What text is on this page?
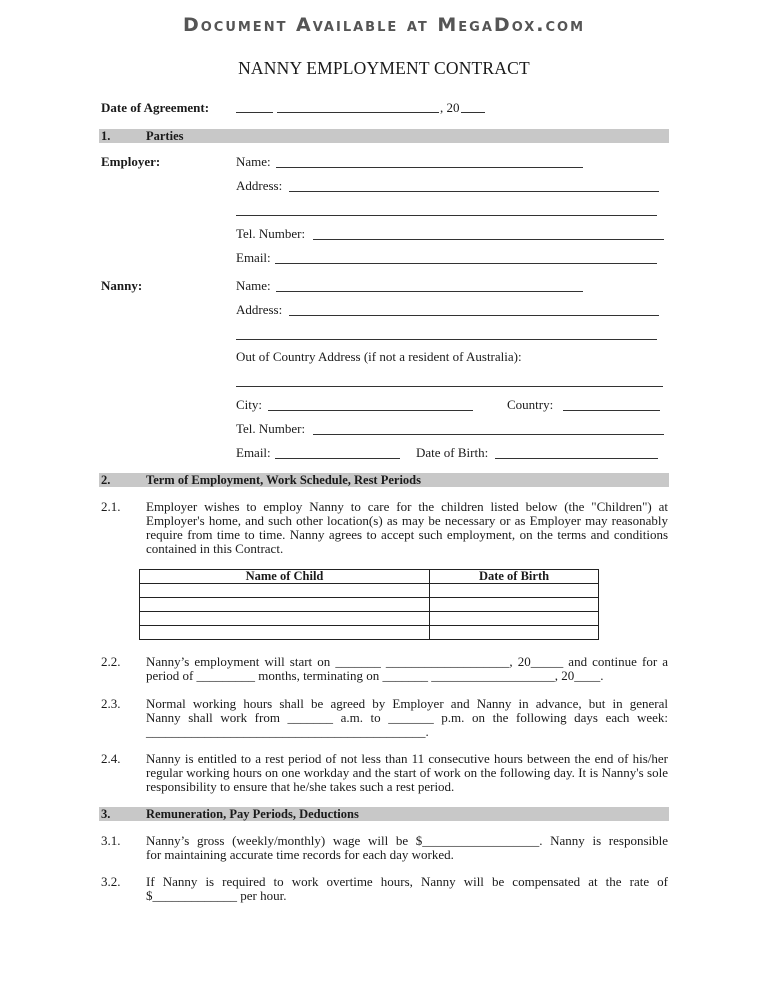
Document Available at MegaDox.com
NANNY EMPLOYMENT CONTRACT
Date of Agreement:	, 20
1.	Parties
Employer:	Name:
Address:
Tel. Number:
Email:
Nanny:	Name:
Address:
Out of Country Address (if not a resident of Australia):
City:	Country:
Tel. Number:
Email:	Date of Birth:
2.	Term of Employment, Work Schedule, Rest Periods
2.1. Employer wishes to employ Nanny to care for the children listed below (the "Children") at Employer's home, and such other location(s) as may be necessary or as Employer may reasonably require from time to time. Nanny agrees to accept such employment, on the terms and conditions contained in this Contract.
Name of Child	Date of Birth

2.2. Nanny’s employment will start on _______ ___________________, 20_____ and continue for a
period of _________ months, terminating on _______ ___________________, 20____.
2.3. Normal working hours shall be agreed by Employer and Nanny in advance, but in general
Nanny shall work from _______ a.m. to _______ p.m. on the following days each week:
___________________________________________.
2.4. Nanny is entitled to a rest period of not less than 11 consecutive hours between the end of his/her regular working hours on one workday and the start of work on the following day. It is Nanny's sole responsibility to ensure that he/she takes such a rest period.
3.	Remuneration, Pay Periods, Deductions
3.1. Nanny’s gross (weekly/monthly) wage will be $__________________. Nanny is responsible
for maintaining accurate time records for each day worked.
3.2. If Nanny is required to work overtime hours, Nanny will be compensated at the rate of
$_____________ per hour.
